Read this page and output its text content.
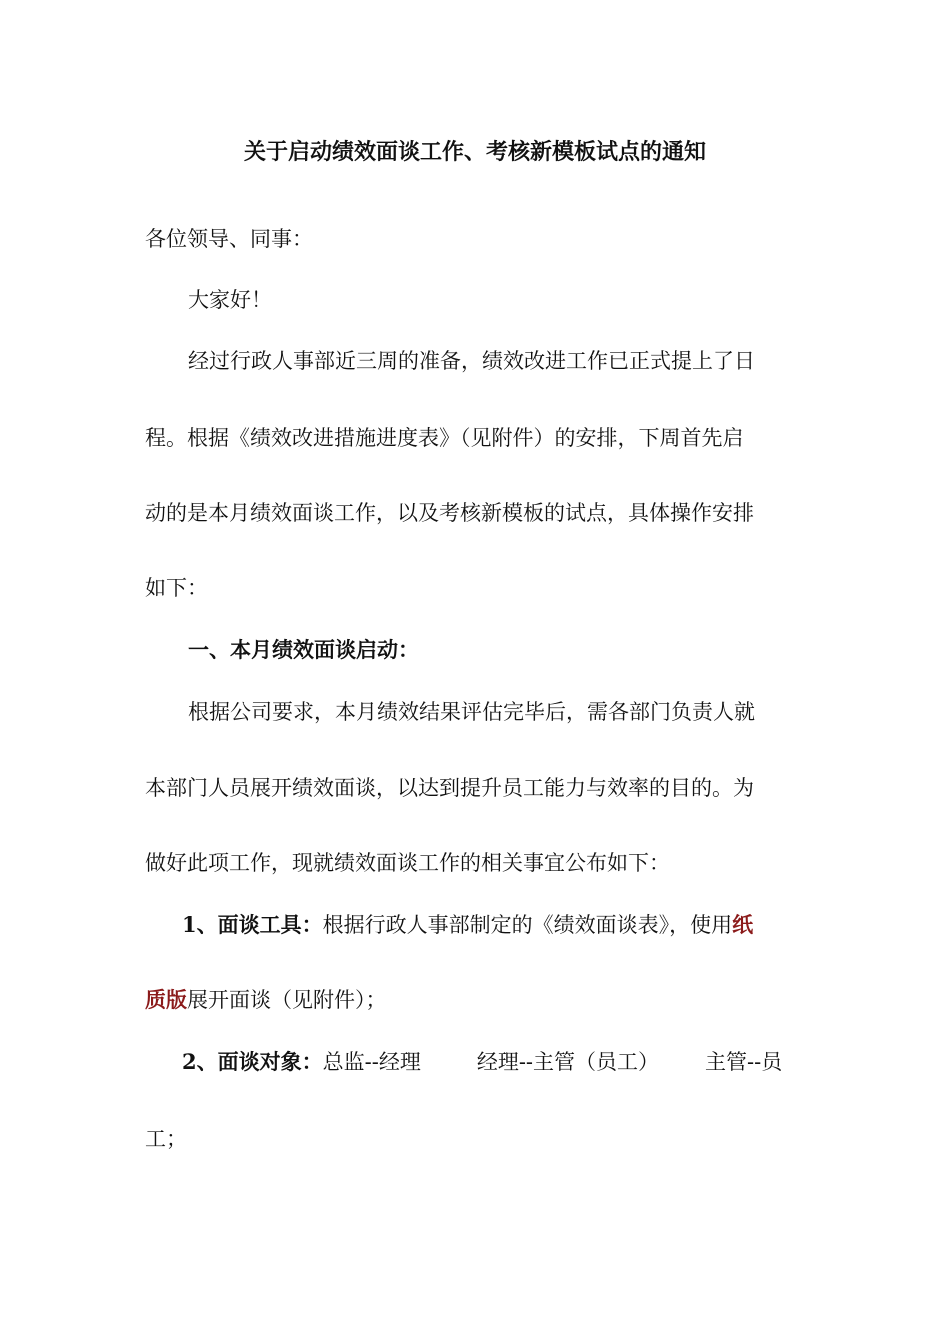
关于启动绩效面谈工作、考核新模板试点的通知
各位领导、同事：
大家好！
经过行政人事部近三周的准备，绩效改进工作已正式提上了日
程。根据《绩效改进措施进度表》（见附件）的安排，下周首先启
动的是本月绩效面谈工作，以及考核新模板的试点，具体操作安排
如下：
一、本月绩效面谈启动：
根据公司要求，本月绩效结果评估完毕后，需各部门负责人就
本部门人员展开绩效面谈，以达到提升员工能力与效率的目的。为
做好此项工作，现就绩效面谈工作的相关事宜公布如下：
1、面谈工具：根据行政人事部制定的《绩效面谈表》，使用纸
质版展开面谈（见附件）；
2、面谈对象：总监--经理	经理--主管（员工） 主管--员
工；
